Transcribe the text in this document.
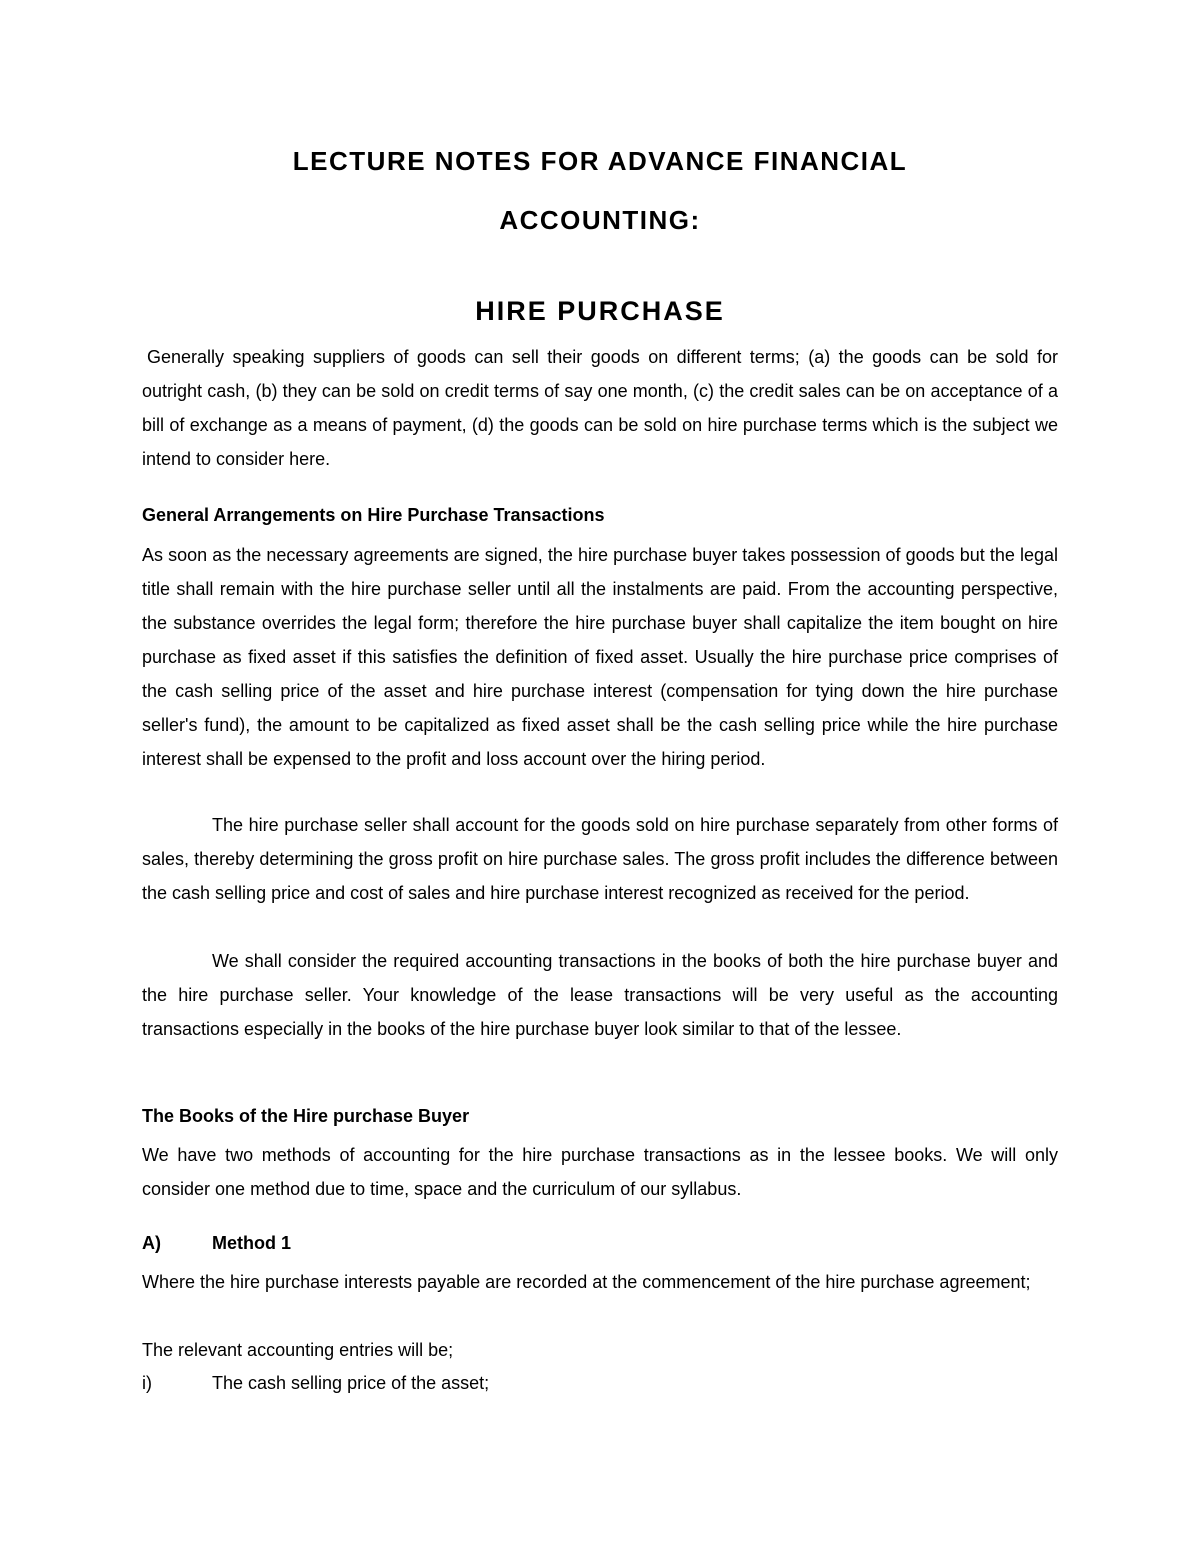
LECTURE NOTES FOR ADVANCE FINANCIAL
ACCOUNTING:
HIRE PURCHASE

Generally speaking suppliers of goods can sell their goods on different terms; (a) the goods can be sold for outright cash, (b) they can be sold on credit terms of say one month, (c) the credit sales can be on acceptance of a bill of exchange as a means of payment, (d) the goods can be sold on hire purchase terms which is the subject we intend to consider here.

General Arrangements on Hire Purchase Transactions

As soon as the necessary agreements are signed, the hire purchase buyer takes possession of goods but the legal title shall remain with the hire purchase seller until all the instalments are paid. From the accounting perspective, the substance overrides the legal form; therefore the hire purchase buyer shall capitalize the item bought on hire purchase as fixed asset if this satisfies the definition of fixed asset. Usually the hire purchase price comprises of the cash selling price of the asset and hire purchase interest (compensation for tying down the hire purchase seller's fund), the amount to be capitalized as fixed asset shall be the cash selling price while the hire purchase interest shall be expensed to the profit and loss account over the hiring period.

The hire purchase seller shall account for the goods sold on hire purchase separately from other forms of sales, thereby determining the gross profit on hire purchase sales. The gross profit includes the difference between the cash selling price and cost of sales and hire purchase interest recognized as received for the period.

We shall consider the required accounting transactions in the books of both the hire purchase buyer and the hire purchase seller. Your knowledge of the lease transactions will be very useful as the accounting transactions especially in the books of the hire purchase buyer look similar to that of the lessee.

The Books of the Hire purchase Buyer

We have two methods of accounting for the hire purchase transactions as in the lessee books. We will only consider one method due to time, space and the curriculum of our syllabus.

A)	Method 1

Where the hire purchase interests payable are recorded at the commencement of the hire purchase agreement;

The relevant accounting entries will be;

i)	The cash selling price of the asset;
